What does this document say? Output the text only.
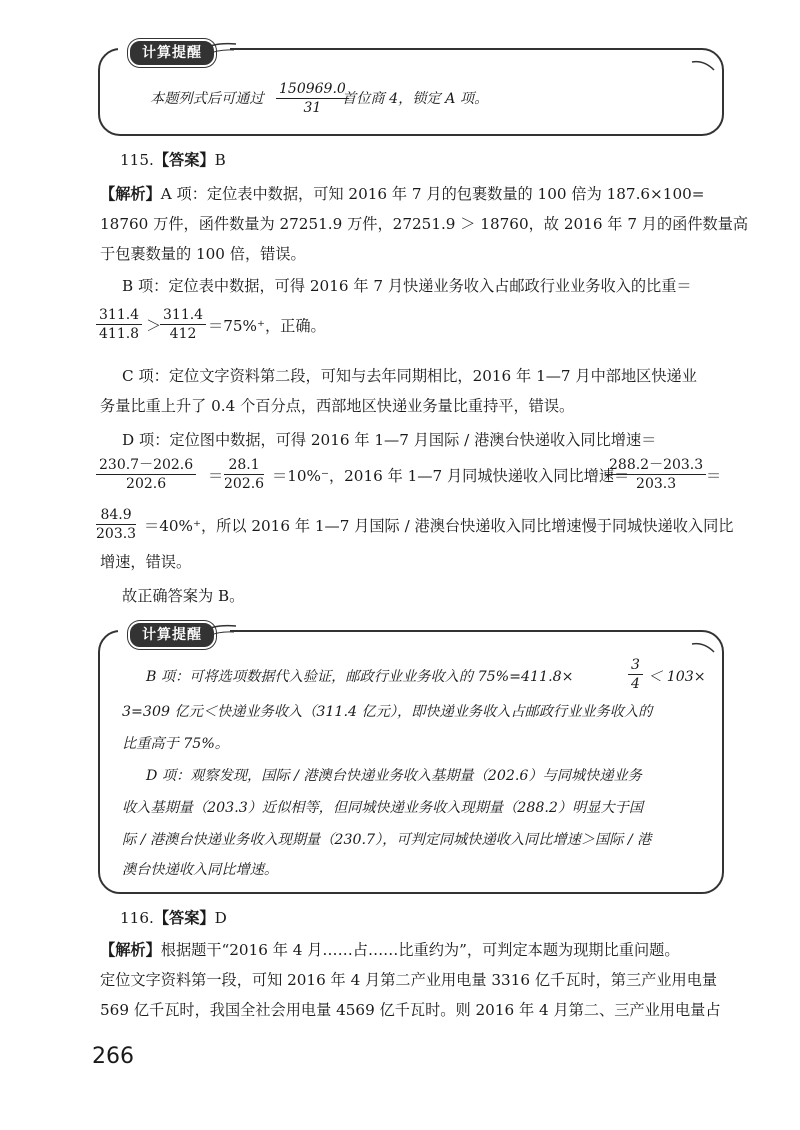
计算提醒
本题列式后可通过 $\frac{150969.0}{31}$
首位商 4，锁定 A 项。
115.【答案】B
【解析】A 项：定位表中数据，可知 2016 年 7 月的包裹数量的 100 倍为 187.6×100=
18760 万件，函件数量为 27251.9 万件，27251.9 ＞ 18760，故 2016 年 7 月的函件数量高
于包裹数量的 100 倍，错误。
B 项：定位表中数据，可得 2016 年 7 月快递业务收入占邮政行业业务收入的比重＝
$\frac{311.4}{411.8}$ ＞
$\frac{311.4}{412} =75\%^+$，正确。
C 项：定位文字资料第二段，可知与去年同期相比，2016 年 1—7 月中部地区快递业
务量比重上升了 0.4 个百分点，西部地区快递业务量比重持平，错误。
D 项：定位图中数据，可得 2016 年 1—7 月国际 / 港澳台快递收入同比增速＝
$\frac{230.7-202.6}{202.6} = \frac{28.1}{202.6} =10\%^-$，2016 年 1—7 月同城快递收入同比增速＝
$\frac{288.2-203.3}{203.3}$ ＝
$\frac{84.9}{203.3} =40\%^+$，所以 2016 年 1—7 月国际 / 港澳台快递收入同比增速慢于同城快递收入同比
增速，错误。
故正确答案为 B。
计算提醒
B 项：可将选项数据代入验证，邮政行业业务收入的 75%=411.8×	$\frac{3}{4} < 103\times$
3=309 亿元＜快递业务收入（311.4 亿元），即快递业务收入占邮政行业业务收入的
比重高于 75%。
D 项：观察发现，国际 / 港澳台快递业务收入基期量（202.6）与同城快递业务
收入基期量（203.3）近似相等，但同城快递业务收入现期量（288.2）明显大于国
际 / 港澳台快递业务收入现期量（230.7），可判定同城快递收入同比增速＞国际 / 港
澳台快递收入同比增速。
116.【答案】D
【解析】根据题干“2016 年 4 月……占……比重约为”，可判定本题为现期比重问题。
定位文字资料第一段，可知 2016 年 4 月第二产业用电量 3316 亿千瓦时，第三产业用电量
569 亿千瓦时，我国全社会用电量 4569 亿千瓦时。则 2016 年 4 月第二、三产业用电量占
266
